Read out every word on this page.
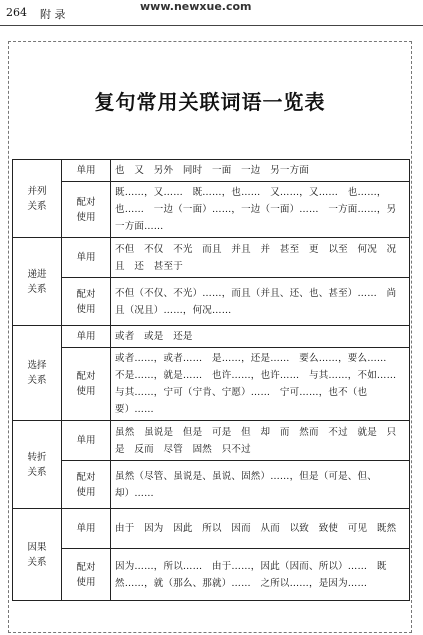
264 附 录
www.newxue.com
复句常用关联词语一览表
并列
关系	单用	也　又　另外　同时　一面　一边　另一方面

	配对
使用	既……，又……　既……，也……　又……，又……　也……，也……　一边（一面）……，一边（一面）……　一方面……，另一方面……

递进
关系	单用	不但　不仅　不光　而且　并且　并　甚至　更　以至　何况　况且　还　甚至于

	配对
使用	不但（不仅、不光）……，而且（并且、还、也、甚至）……　尚且（况且）……，何况……

选择
关系	单用	或者　或是　还是

	配对
使用	或者……，或者……　是……，还是……　要么……，要么……　不是……，就是……　也许……，也许……　与其……，不如……　与其……，宁可（宁肯、宁愿）……　宁可……，也不（也要）……

转折
关系	单用	虽然　虽说是　但是　可是　但　却　而　然而　不过　就是　只是　反而　尽管　固然　只不过

	配对
使用	虽然（尽管、虽说是、虽说、固然）……，但是（可是、但、却）……

因果
关系	单用	由于　因为　因此　所以　因而　从而　以致　致使　可见　既然

	配对
使用	因为……，所以……　由于……，因此（因而、所以）……　既然……，就（那么、那就）……　之所以……，是因为……
